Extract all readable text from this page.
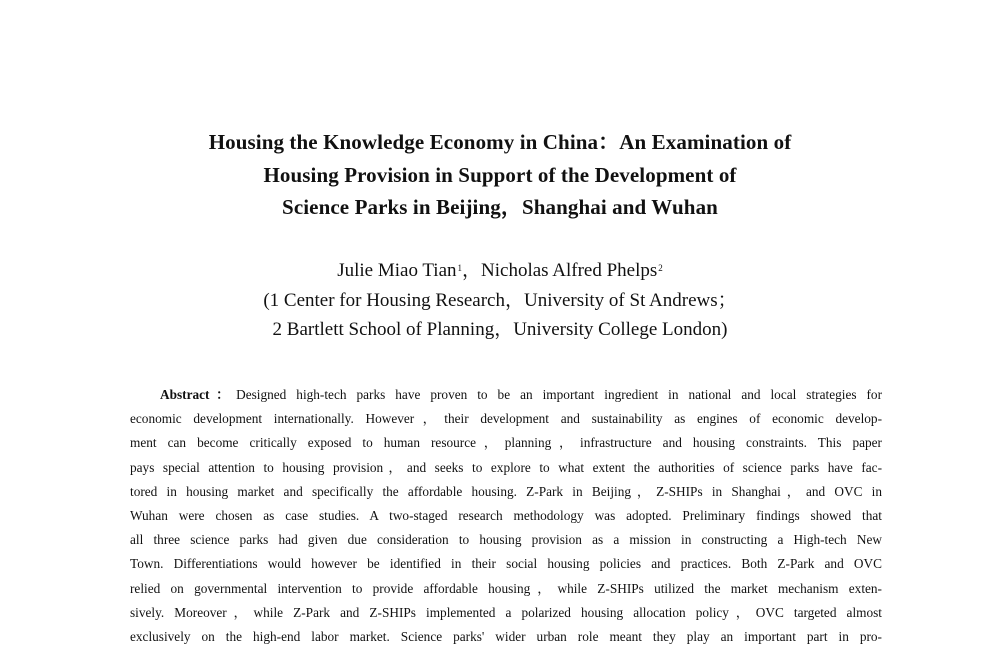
Housing the Knowledge Economy in China：An Examination of
Housing Provision in Support of the Development of
Science Parks in Beijing，Shanghai and Wuhan
Julie Miao Tian$^1$，Nicholas Alfred Phelps$^2$
(1 Center for Housing Research，University of St Andrews；
2 Bartlett School of Planning，University College London)
Abstract：Designed high-tech parks have proven to be an important ingredient in national and local strategies for
economic development internationally. However，their development and sustainability as engines of economic develop-
ment can become critically exposed to human resource，planning，infrastructure and housing constraints. This paper
pays special attention to housing provision，and seeks to explore to what extent the authorities of science parks have fac-
tored in housing market and specifically the affordable housing. Z-Park in Beijing，Z-SHIPs in Shanghai，and OVC in
Wuhan were chosen as case studies. A two-staged research methodology was adopted. Preliminary findings showed that
all three science parks had given due consideration to housing provision as a mission in constructing a High-tech New
Town. Differentiations would however be identified in their social housing policies and practices. Both Z-Park and OVC
relied on governmental intervention to provide affordable housing，while Z-SHIPs utilized the market mechanism exten-
sively. Moreover，while Z-Park and Z-SHIPs implemented a polarized housing allocation policy，OVC targeted almost
exclusively on the high-end labor market. Science parks' wider urban role meant they play an important part in pro-
